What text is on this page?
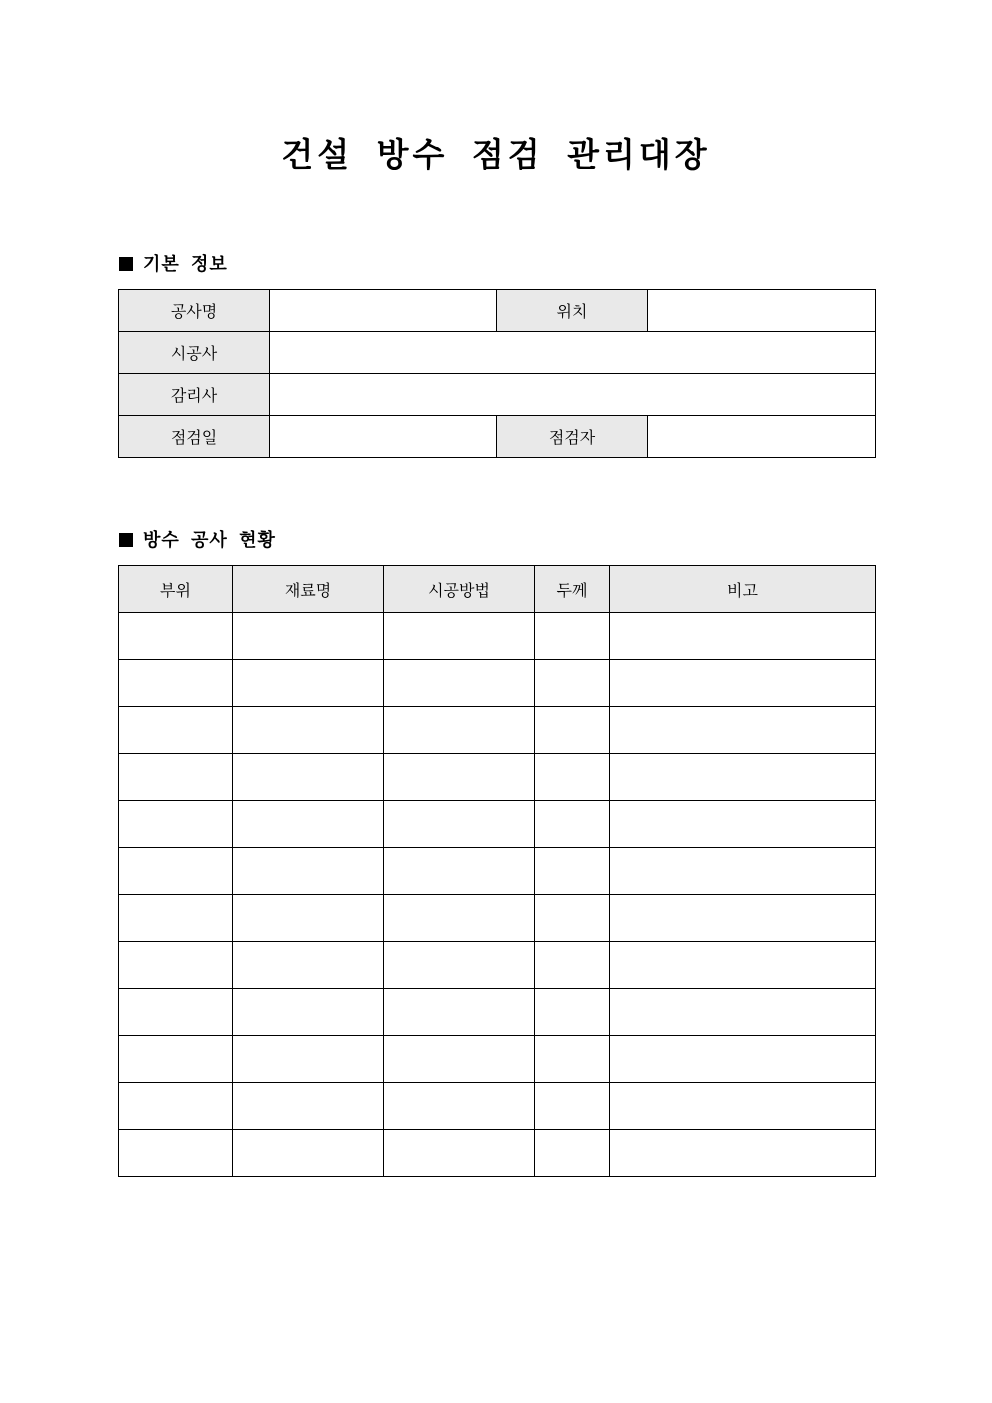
건설 방수 점검 관리대장
기본 정보
공사명		위치	
시공사			
감리사			
점검일		점검자	
방수 공사 현황
부위	재료명	시공방법	두께	비고
